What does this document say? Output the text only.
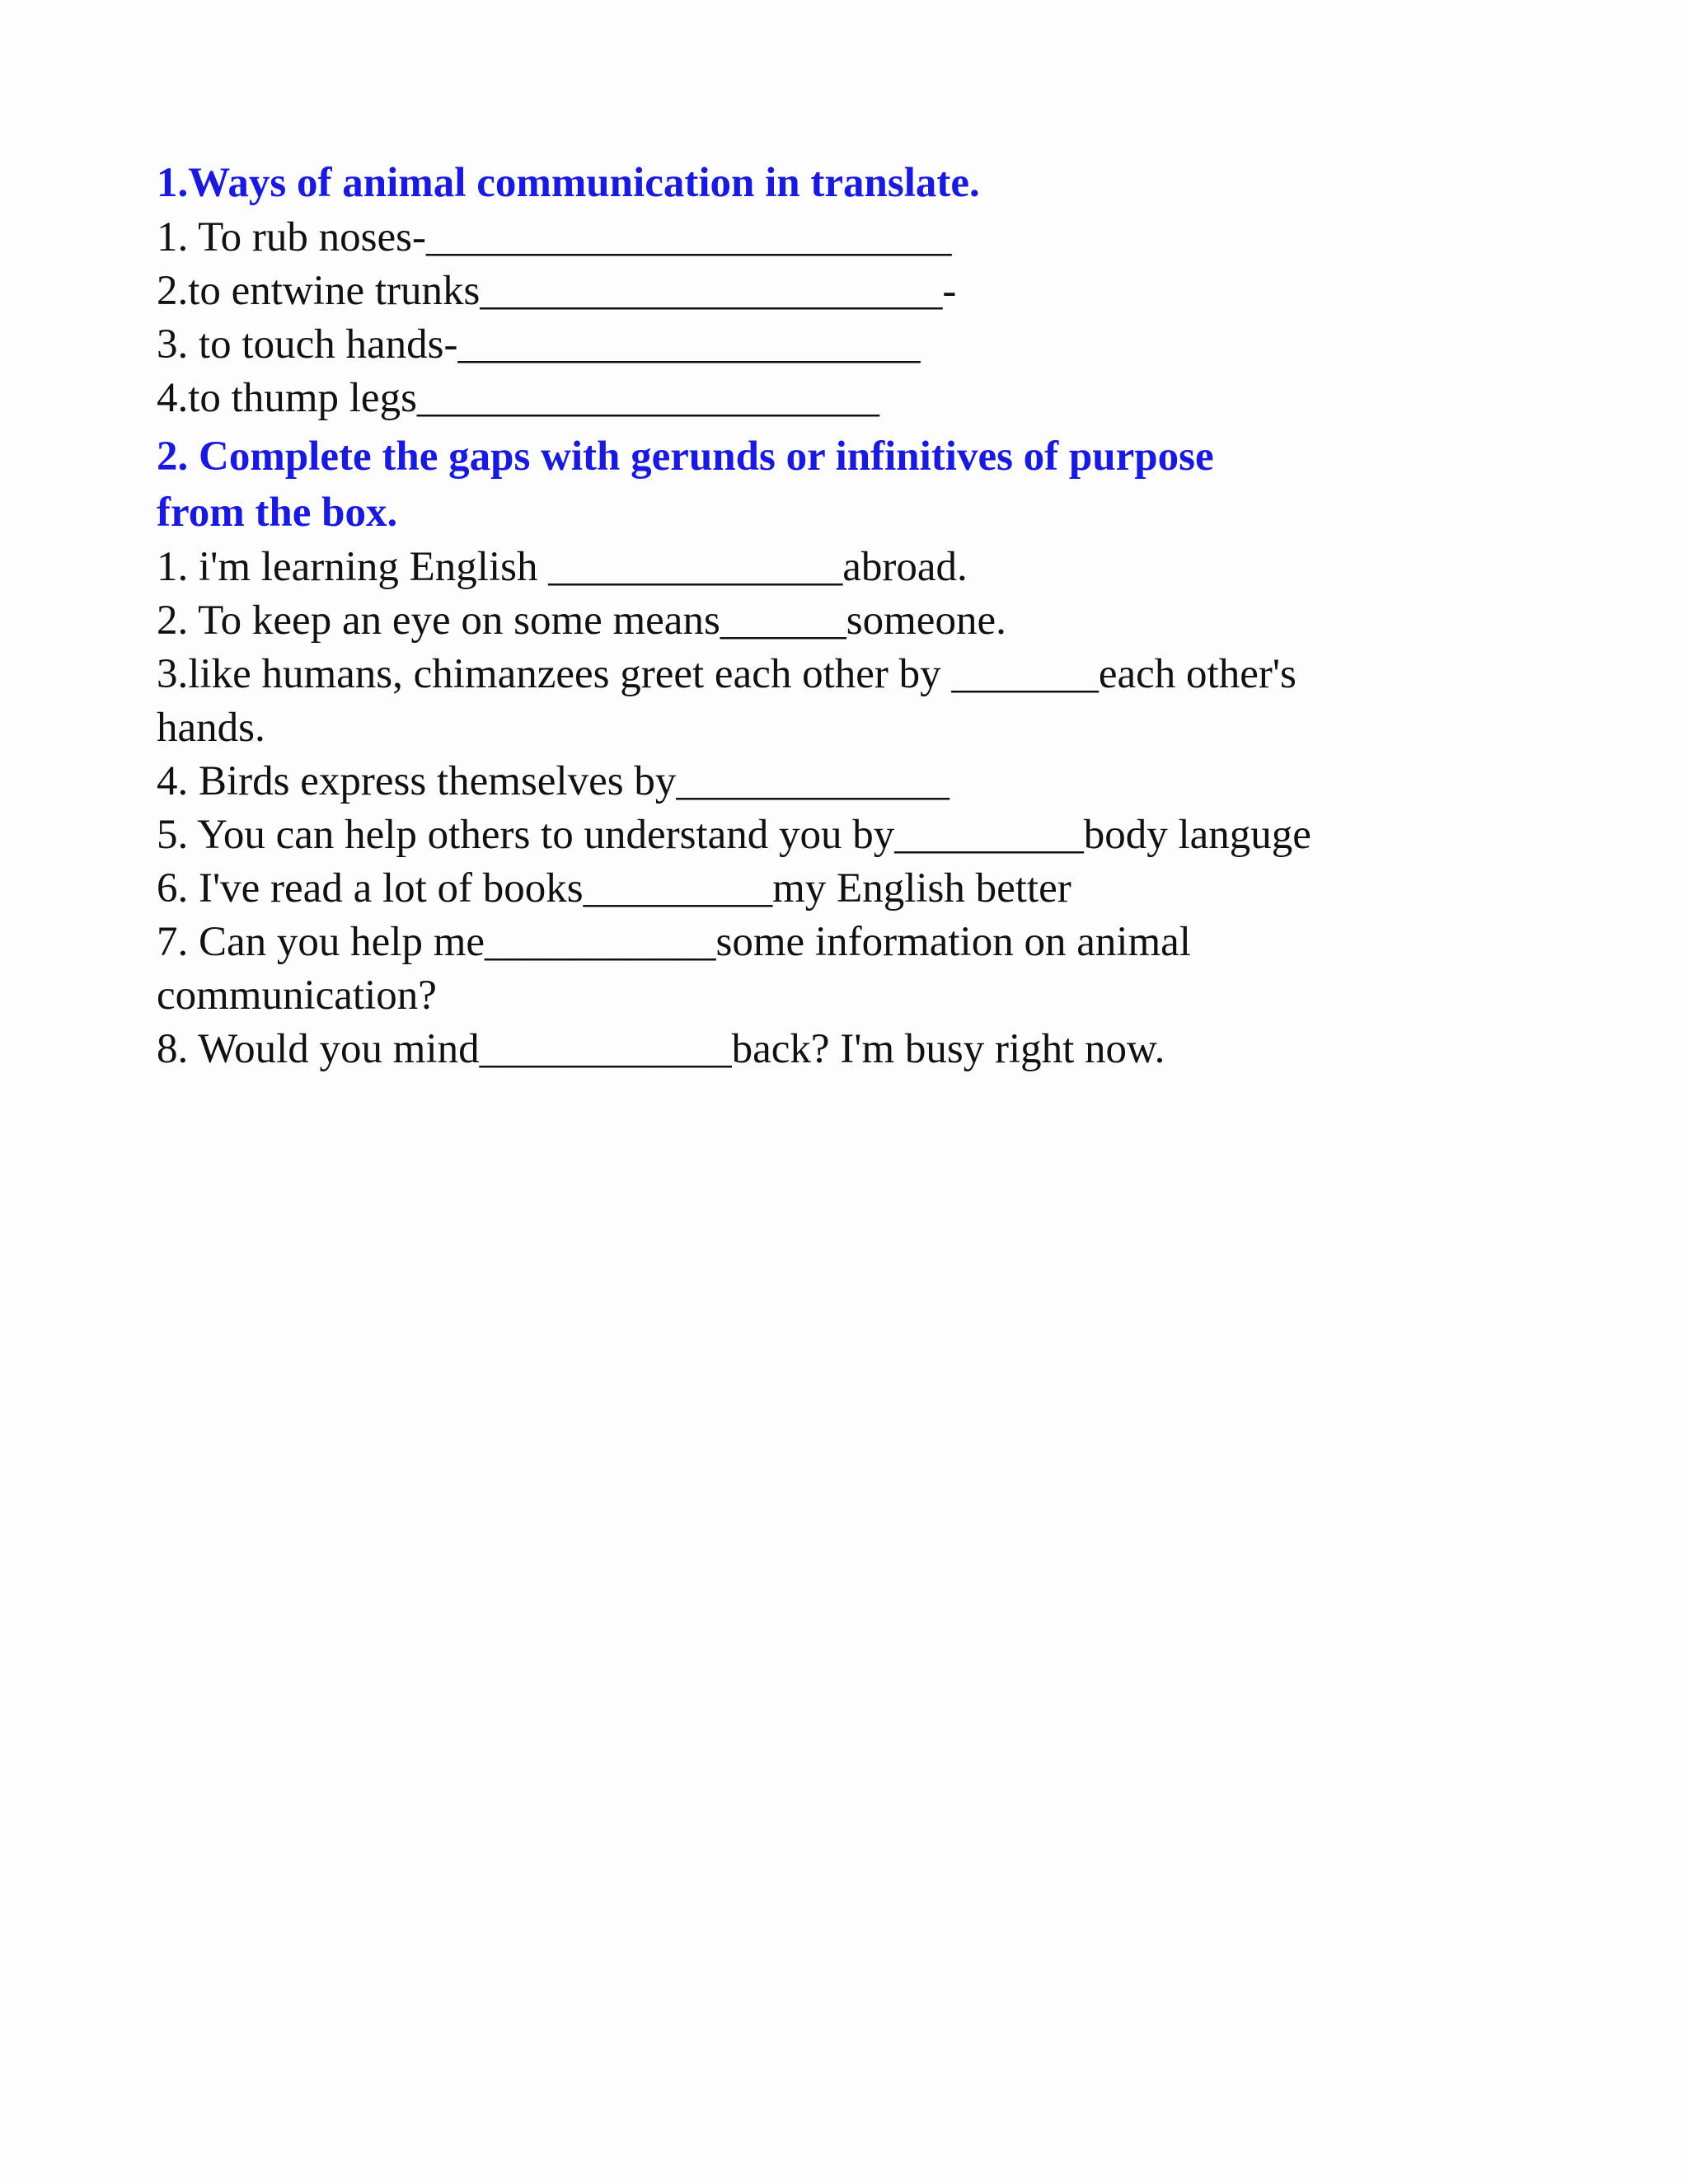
1.Ways of animal communication in translate.

1. To rub noses-_________________________

2.to entwine trunks______________________-

3. to touch hands-______________________

4.to thump legs______________________

2. Complete the gaps with gerunds or infinitives of purpose

from the box.

1. i'm learning English ______________abroad.

2. To keep an eye on some means______someone.

3.like humans, chimanzees greet each other by _______each other's

hands.

4. Birds express themselves by_____________

5. You can help others to understand you by_________body languge

6. I've read a lot of books_________my English better

7. Can you help me___________some information on animal

communication?

8. Would you mind____________back? I'm busy right now.
